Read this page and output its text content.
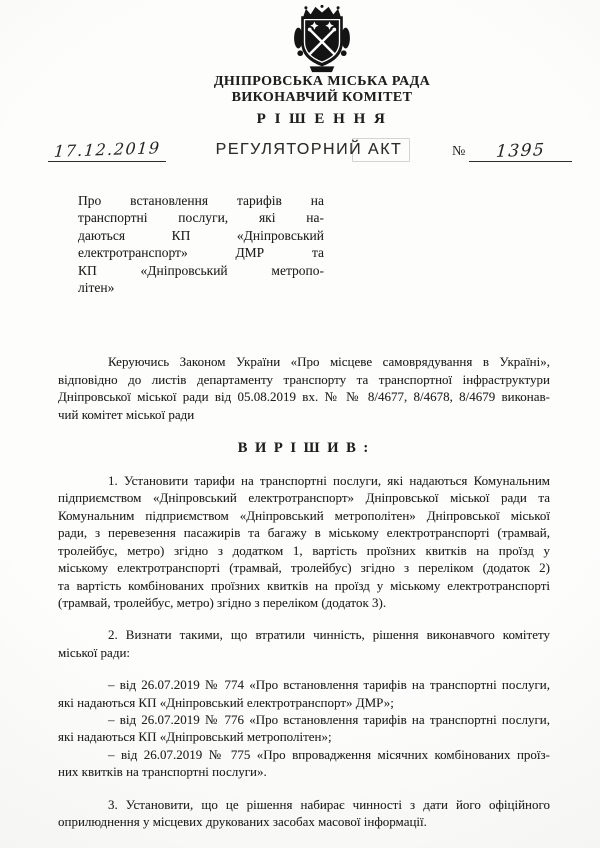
ДНІПРОВСЬКА МІСЬКА РАДА
ВИКОНАВЧИЙ КОМІТЕТ
Р І Ш Е Н Н Я
17.12.2019	РЕГУЛЯТОРНИЙ АКТ	№	1395
Про встановлення тарифів на
транспортні послуги, які на-
даються КП «Дніпровський
електротранспорт» ДМР та
КП «Дніпровський метропо-
літен»
Керуючись Законом України «Про місцеве самоврядування в Україні»,
відповідно до листів департаменту транспорту та транспортної інфраструктури
Дніпровської міської ради від 05.08.2019 вх. № № 8/4677, 8/4678, 8/4679 виконав-
чий комітет міської ради
В И Р І Ш И В :
1. Установити тарифи на транспортні послуги, які надаються Комунальним
підприємством «Дніпровський електротранспорт» Дніпровської міської ради та
Комунальним підприємством «Дніпровський метрополітен» Дніпровської міської
ради, з перевезення пасажирів та багажу в міському електротранспорті (трамвай,
тролейбус, метро) згідно з додатком 1, вартість проїзних квитків на проїзд у
міському електротранспорті (трамвай, тролейбус) згідно з переліком (додаток 2)
та вартість комбінованих проїзних квитків на проїзд у міському електротранспорті
(трамвай, тролейбус, метро) згідно з переліком (додаток 3).
2. Визнати такими, що втратили чинність, рішення виконавчого комітету
міської ради:
– від 26.07.2019 № 774 «Про встановлення тарифів на транспортні послуги,
які надаються КП «Дніпровський електротранспорт» ДМР»;
– від 26.07.2019 № 776 «Про встановлення тарифів на транспортні послуги,
які надаються КП «Дніпровський метрополітен»;
– від 26.07.2019 № 775 «Про впровадження місячних комбінованих проїз-
них квитків на транспортні послуги».
3. Установити, що це рішення набирає чинності з дати його офіційного
оприлюднення у місцевих друкованих засобах масової інформації.
